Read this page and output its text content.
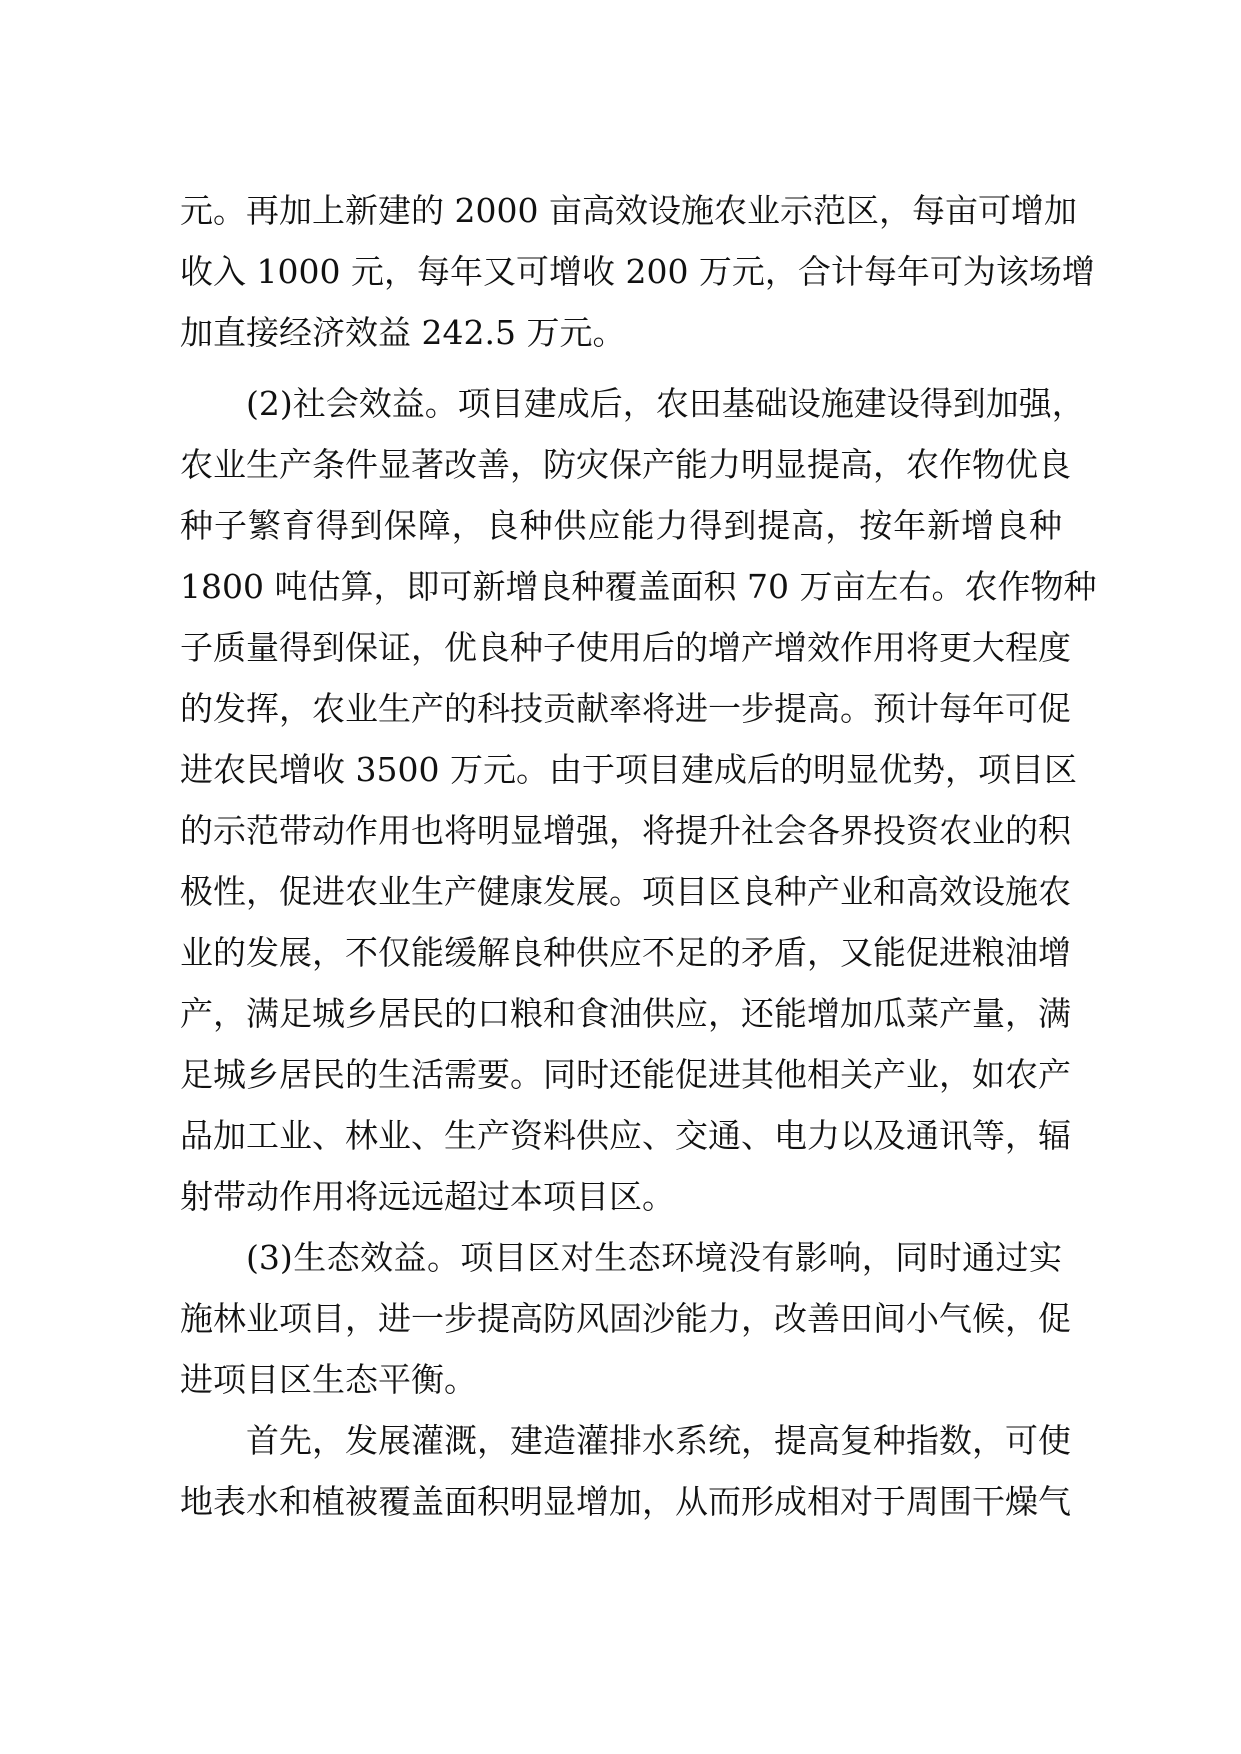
元。再加上新建的 2000 亩高效设施农业示范区，每亩可增加
收入 1000 元，每年又可增收 200 万元，合计每年可为该场增
加直接经济效益 242.5 万元。
(2)社会效益。项目建成后，农田基础设施建设得到加强，
农业生产条件显著改善，防灾保产能力明显提高，农作物优良
种子繁育得到保障，良种供应能力得到提高，按年新增良种
1800 吨估算，即可新增良种覆盖面积 70 万亩左右。农作物种
子质量得到保证，优良种子使用后的增产增效作用将更大程度
的发挥，农业生产的科技贡献率将进一步提高。预计每年可促
进农民增收 3500 万元。由于项目建成后的明显优势，项目区
的示范带动作用也将明显增强，将提升社会各界投资农业的积
极性，促进农业生产健康发展。项目区良种产业和高效设施农
业的发展，不仅能缓解良种供应不足的矛盾，又能促进粮油增
产，满足城乡居民的口粮和食油供应，还能增加瓜菜产量，满
足城乡居民的生活需要。同时还能促进其他相关产业，如农产
品加工业、林业、生产资料供应、交通、电力以及通讯等，辐
射带动作用将远远超过本项目区。
(3)生态效益。项目区对生态环境没有影响，同时通过实
施林业项目，进一步提高防风固沙能力，改善田间小气候，促
进项目区生态平衡。
首先，发展灌溉，建造灌排水系统，提高复种指数，可使
地表水和植被覆盖面积明显增加，从而形成相对于周围干燥气
